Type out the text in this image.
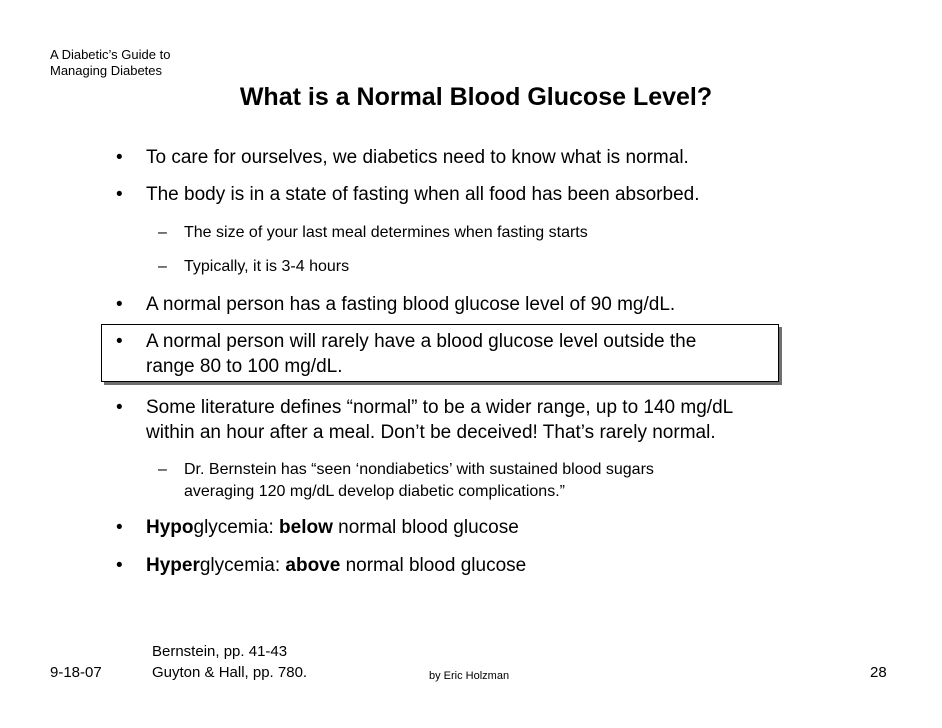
A Diabetic’s Guide to
Managing Diabetes
What is a Normal Blood Glucose Level?
• To care for ourselves, we diabetics need to know what is normal.
• The body is in a state of fasting when all food has been absorbed.
– The size of your last meal determines when fasting starts
– Typically, it is 3-4 hours
• A normal person has a fasting blood glucose level of 90 mg/dL.
• A normal person will rarely have a blood glucose level outside the
range 80 to 100 mg/dL.
• Some literature defines “normal” to be a wider range, up to 140 mg/dL
within an hour after a meal. Don’t be deceived! That’s rarely normal.
– Dr. Bernstein has “seen ‘nondiabetics’ with sustained blood sugars
averaging 120 mg/dL develop diabetic complications.”
• Hypoglycemia: below normal blood glucose
• Hyperglycemia: above normal blood glucose
9-18-07
Bernstein, pp. 41-43
Guyton & Hall, pp. 780.	by Eric Holzman	28
